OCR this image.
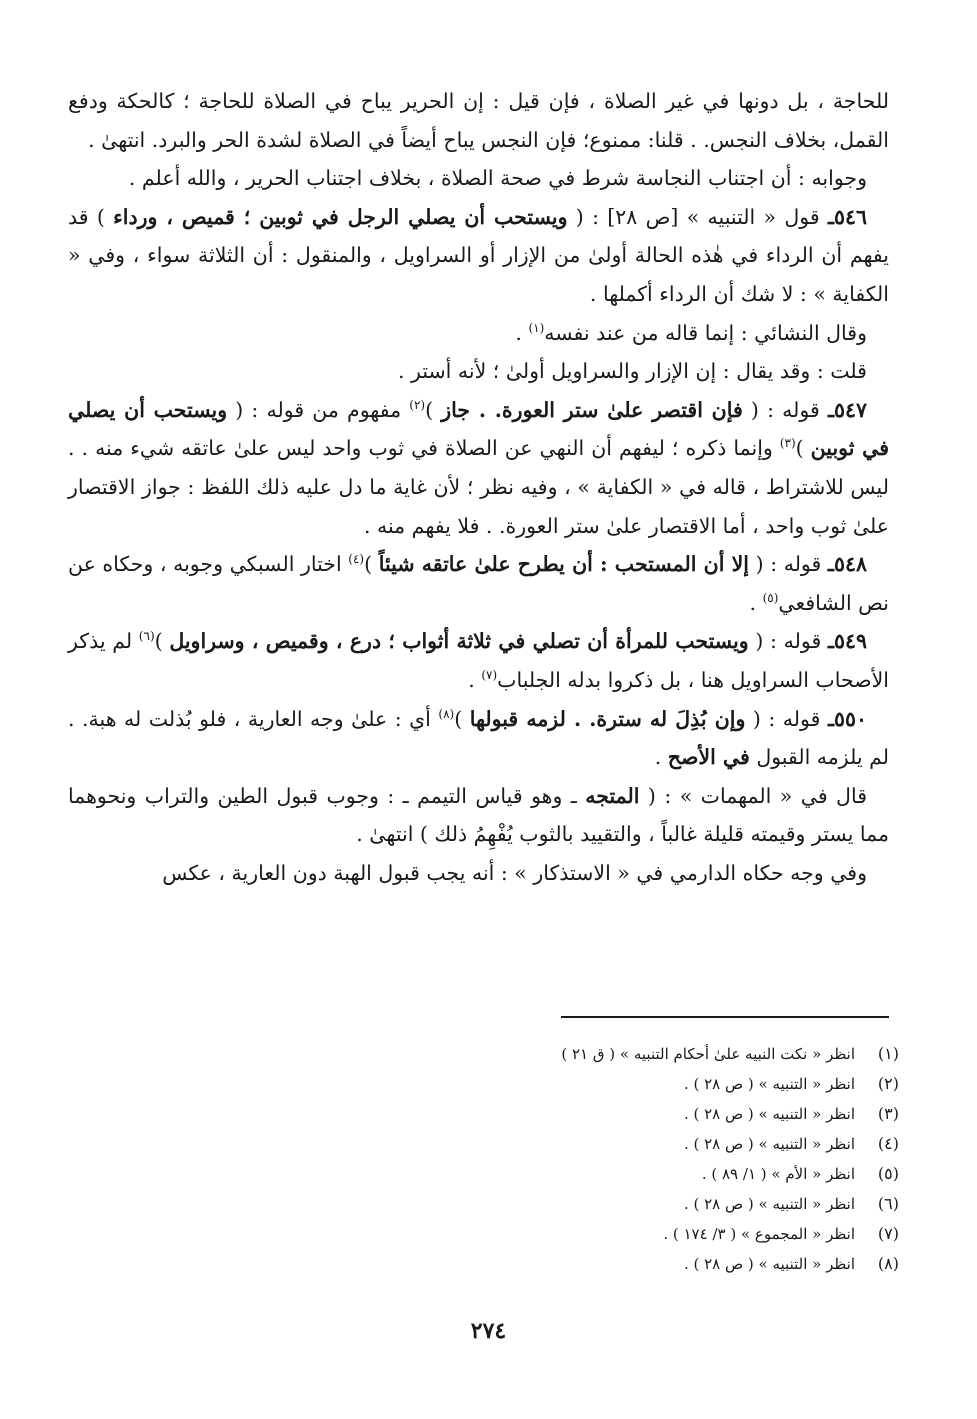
للحاجة ، بل دونها في غير الصلاة ، فإن قيل : إن الحرير يباح في الصلاة للحاجة ؛ كالحكة ودفع القمل، بخلاف النجس. . قلنا: ممنوع؛ فإن النجس يباح أيضاً في الصلاة لشدة الحر والبرد. انتهىٰ .

وجوابه : أن اجتناب النجاسة شرط في صحة الصلاة ، بخلاف اجتناب الحرير ، والله أعلم .

٥٤٦ـ قول « التنبيه » [ص ٢٨] : ( ويستحب أن يصلي الرجل في ثوبين ؛ قميص ، ورداء ) قد يفهم أن الرداء في هٰذه الحالة أولىٰ من الإزار أو السراويل ، والمنقول : أن الثلاثة سواء ، وفي « الكفاية » : لا شك أن الرداء أكملها .

وقال النشائي : إنما قاله من عند نفسه$^{(١)}$ .

قلت : وقد يقال : إن الإزار والسراويل أولىٰ ؛ لأنه أستر .

٥٤٧ـ قوله : ( فإن اقتصر علىٰ ستر العورة. . جاز )$^{(٢)}$ مفهوم من قوله : ( ويستحب أن يصلي في ثوبين )$^{(٣)}$ وإنما ذكره ؛ ليفهم أن النهي عن الصلاة في ثوب واحد ليس علىٰ عاتقه شيء منه . . ليس للاشتراط ، قاله في « الكفاية » ، وفيه نظر ؛ لأن غاية ما دل عليه ذلك اللفظ : جواز الاقتصار علىٰ ثوب واحد ، أما الاقتصار علىٰ ستر العورة. . فلا يفهم منه .

٥٤٨ـ قوله : ( إلا أن المستحب : أن يطرح علىٰ عاتقه شيئاً )$^{(٤)}$ اختار السبكي وجوبه ، وحكاه عن نص الشافعي$^{(٥)}$ .

٥٤٩ـ قوله : ( ويستحب للمرأة أن تصلي في ثلاثة أثواب ؛ درع ، وقميص ، وسراويل )$^{(٦)}$ لم يذكر الأصحاب السراويل هنا ، بل ذكروا بدله الجلباب$^{(٧)}$ .

٥٥٠ـ قوله : ( وإن بُذِلَ له سترة. . لزمه قبولها )$^{(٨)}$ أي : علىٰ وجه العارية ، فلو بُذلت له هبة. . لم يلزمه القبول في الأصح .

قال في « المهمات » : ( المتجه ـ وهو قياس التيمم ـ : وجوب قبول الطين والتراب ونحوهما مما يستر وقيمته قليلة غالباً ، والتقييد بالثوب يُفْهِمُ ذلك ) انتهىٰ .

وفي وجه حكاه الدارمي في « الاستذكار » : أنه يجب قبول الهبة دون العارية ، عكس

(١)
انظر « نكت النبيه علىٰ أحكام التنبيه » ( ق ٢١ )
(٢)
انظر « التنبيه » ( ص ٢٨ ) .
(٣)
انظر « التنبيه » ( ص ٢٨ ) .
(٤)
انظر « التنبيه » ( ص ٢٨ ) .
(٥)
انظر « الأم » ( ١/ ٨٩ ) .
(٦)
انظر « التنبيه » ( ص ٢٨ ) .
(٧)
انظر « المجموع » ( ٣/ ١٧٤ ) .
(٨)
انظر « التنبيه » ( ص ٢٨ ) .
٢٧٤
